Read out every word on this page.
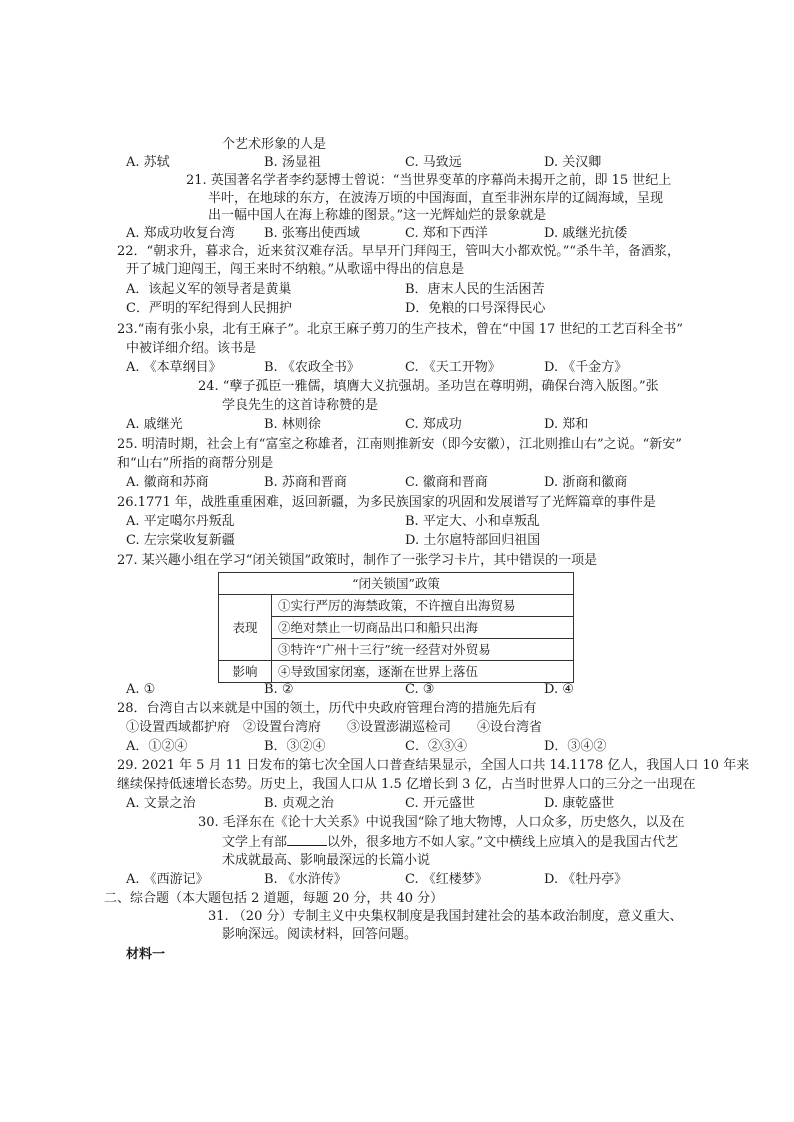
个艺术形象的人是
A. 苏轼	B. 汤显祖	C. 马致远	D. 关汉卿
21. 英国著名学者李约瑟博士曾说：“当世界变革的序幕尚未揭开之前，即 15 世纪上
半叶，在地球的东方，在波涛万顷的中国海面，直至非洲东岸的辽阔海域，呈现
出一幅中国人在海上称雄的图景。”这一光辉灿烂的景象就是
A. 郑成功收复台湾 B. 张骞出使西域	C. 郑和下西洋	D. 戚继光抗倭
22．“朝求升，暮求合，近来贫汉难存活。早早开门拜闯王，管叫大小都欢悦。”“杀牛羊，备酒浆，
开了城门迎闯王，闯王来时不纳粮。”从歌谣中得出的信息是
A．该起义军的领导者是黄巢	B．唐末人民的生活困苦
C．严明的军纪得到人民拥护	D．免粮的口号深得民心
23.“南有张小泉，北有王麻子”。北京王麻子剪刀的生产技术，曾在“中国 17 世纪的工艺百科全书”
中被详细介绍。该书是
A. 《本草纲目》	B. 《农政全书》	C. 《天工开物》	D. 《千金方》
24. “孽子孤臣一雅儒，填膺大义抗强胡。圣功岂在尊明朔，确保台湾入版图。”张
学良先生的这首诗称赞的是
A. 戚继光	B. 林则徐	C. 郑成功	D. 郑和
25. 明清时期，社会上有“富室之称雄者，江南则推新安（即今安徽），江北则推山右”之说。“新安”
和“山右”所指的商帮分别是
A. 徽商和苏商	B. 苏商和晋商	C. 徽商和晋商	D. 浙商和徽商
26.1771 年，战胜重重困难，返回新疆，为多民族国家的巩固和发展谱写了光辉篇章的事件是
A. 平定噶尔丹叛乱	B. 平定大、小和卓叛乱
C. 左宗棠收复新疆	D. 土尔扈特部回归祖国
27. 某兴趣小组在学习“闭关锁国”政策时，制作了一张学习卡片，其中错误的一项是
“闭关锁国”政策	
表现	①实行严厉的海禁政策，不许擅自出海贸易
	②绝对禁止一切商品出口和船只出海
	③特许“广州十三行”统一经营对外贸易
影响	④导致国家闭塞，逐渐在世界上落伍
A. ①	B. ②	C. ③	D. ④
28．台湾自古以来就是中国的领土，历代中央政府管理台湾的措施先后有
①设置西域都护府　②设置台湾府　　③设置澎湖巡检司　　④设台湾省
A．①②④	B．③②④	C．②③④	D．③④②
29. 2021 年 5 月 11 日发布的第七次全国人口普查结果显示，全国人口共 14.1178 亿人，我国人口 10 年来
继续保持低速增长态势。历史上，我国人口从 1.5 亿增长到 3 亿，占当时世界人口的三分之一出现在
A. 文景之治	B. 贞观之治	C. 开元盛世	D. 康乾盛世
30. 毛泽东在《论十大关系》中说我国“除了地大物博，人口众多，历史悠久，以及在
文学上有部	以外，很多地方不如人家。”文中横线上应填入的是我国古代艺
术成就最高、影响最深远的长篇小说
A. 《西游记》	B. 《水浒传》	C. 《红楼梦》	D. 《牡丹亭》
二、综合题（本大题包括 2 道题，每题 20 分，共 40 分）
31. （20 分）专制主义中央集权制度是我国封建社会的基本政治制度，意义重大、
影响深远。阅读材料，回答问题。
材料一
